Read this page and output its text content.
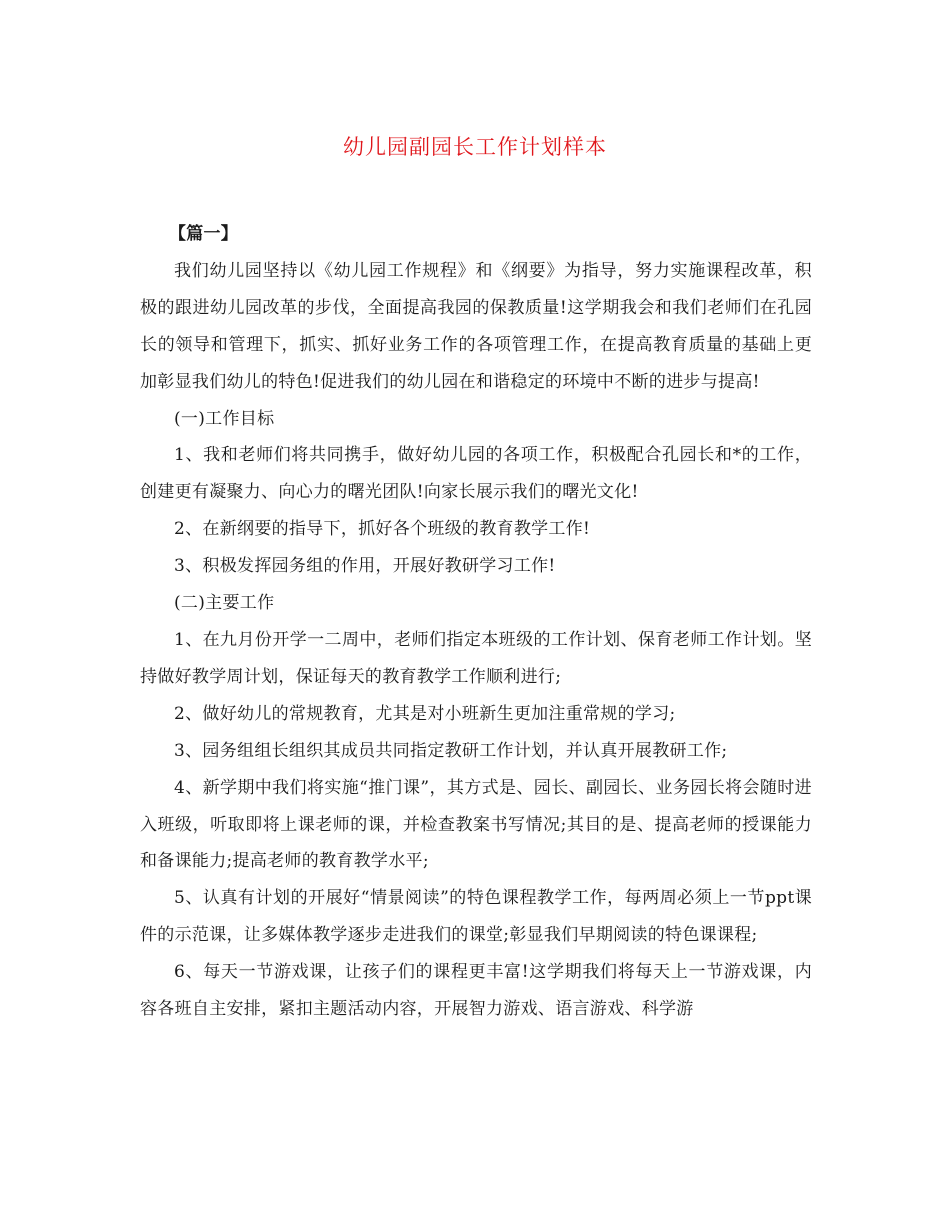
幼儿园副园长工作计划样本

【篇一】

我们幼儿园坚持以《幼儿园工作规程》和《纲要》为指导，努力实施课程改革，积极的跟进幼儿园改革的步伐，全面提高我园的保教质量!这学期我会和我们老师们在孔园长的领导和管理下，抓实、抓好业务工作的各项管理工作，在提高教育质量的基础上更加彰显我们幼儿的特色!促进我们的幼儿园在和谐稳定的环境中不断的进步与提高!

(一)工作目标

1、我和老师们将共同携手，做好幼儿园的各项工作，积极配合孔园长和*的工作，创建更有凝聚力、向心力的曙光团队!向家长展示我们的曙光文化!

2、在新纲要的指导下，抓好各个班级的教育教学工作!

3、积极发挥园务组的作用，开展好教研学习工作!

(二)主要工作

1、在九月份开学一二周中，老师们指定本班级的工作计划、保育老师工作计划。坚持做好教学周计划，保证每天的教育教学工作顺利进行;

2、做好幼儿的常规教育，尤其是对小班新生更加注重常规的学习;

3、园务组组长组织其成员共同指定教研工作计划，并认真开展教研工作;

4、新学期中我们将实施“推门课”，其方式是、园长、副园长、业务园长将会随时进入班级，听取即将上课老师的课，并检查教案书写情况;其目的是、提高老师的授课能力和备课能力;提高老师的教育教学水平;

5、认真有计划的开展好“情景阅读”的特色课程教学工作，每两周必须上一节ppt课件的示范课，让多媒体教学逐步走进我们的课堂;彰显我们早期阅读的特色课课程;

6、每天一节游戏课，让孩子们的课程更丰富!这学期我们将每天上一节游戏课，内容各班自主安排，紧扣主题活动内容，开展智力游戏、语言游戏、科学游
